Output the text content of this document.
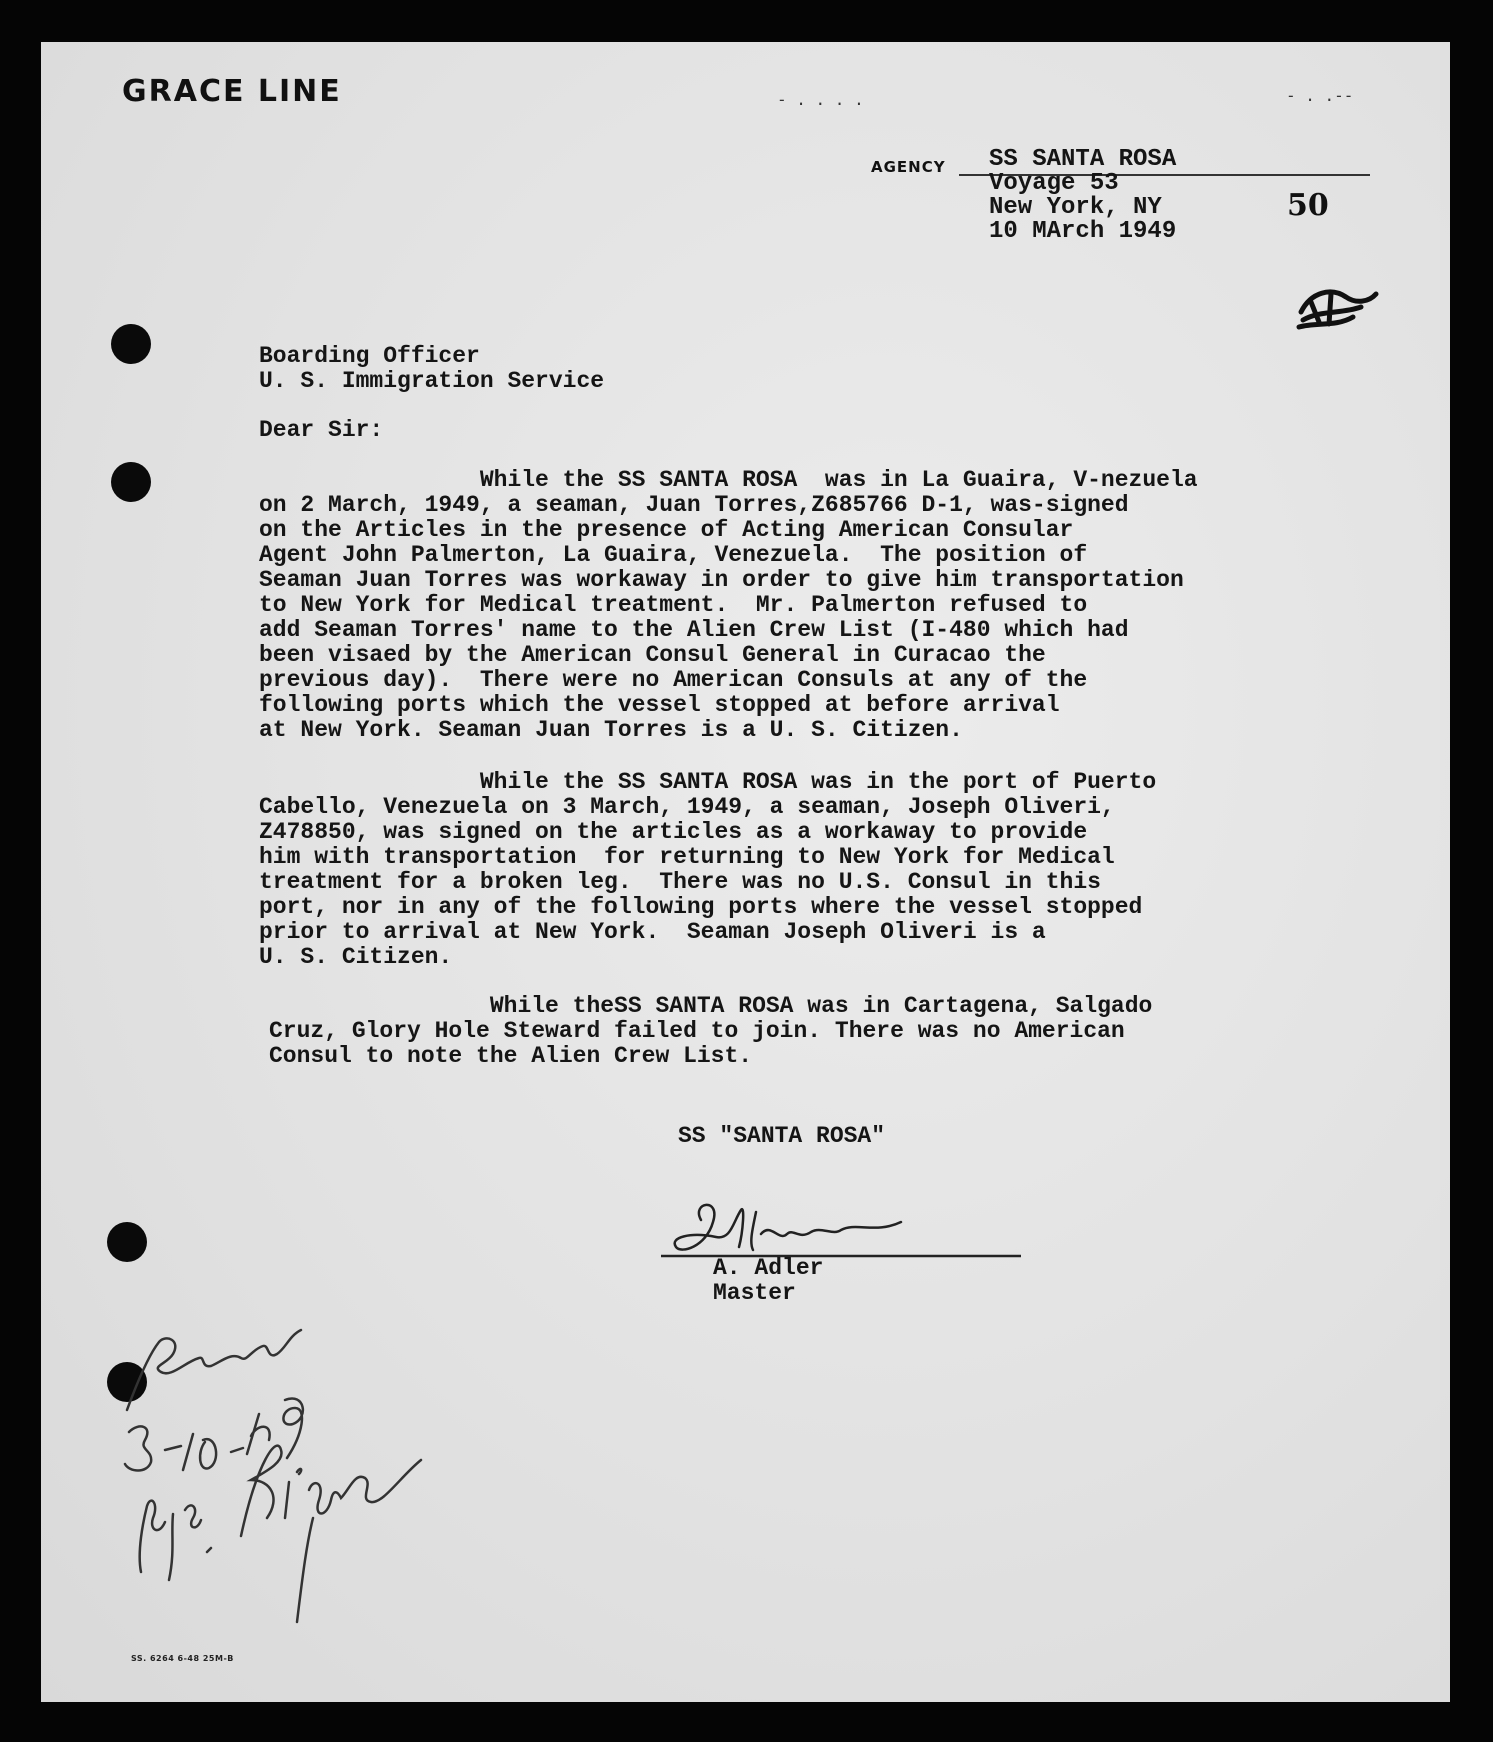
GRACE LINE	- . . . .	- . .--
AGENCY SS SANTA ROSA
Voyage 53
New York, NY
10 MArch 1949
50
Boarding Officer
U. S. Immigration Service
Dear Sir:
While the SS SANTA ROSA  was in La Guaira, V-nezuela
on 2 March, 1949, a seaman, Juan Torres,Z685766 D-1, was-signed
on the Articles in the presence of Acting American Consular
Agent John Palmerton, La Guaira, Venezuela.  The position of
Seaman Juan Torres was workaway in order to give him transportation
to New York for Medical treatment.  Mr. Palmerton refused to
add Seaman Torres' name to the Alien Crew List (I-480 which had
been visaed by the American Consul General in Curacao the
previous day).  There were no American Consuls at any of the
following ports which the vessel stopped at before arrival
at New York. Seaman Juan Torres is a U. S. Citizen.
While the SS SANTA ROSA was in the port of Puerto
Cabello, Venezuela on 3 March, 1949, a seaman, Joseph Oliveri,
Z478850, was signed on the articles as a workaway to provide
him with transportation  for returning to New York for Medical
treatment for a broken leg.  There was no U.S. Consul in this
port, nor in any of the following ports where the vessel stopped
prior to arrival at New York.  Seaman Joseph Oliveri is a
U. S. Citizen.
While theSS SANTA ROSA was in Cartagena, Salgado
Cruz, Glory Hole Steward failed to join. There was no American
Consul to note the Alien Crew List.
SS "SANTA ROSA"
A. Adler
Master
SS. 6264 6-48 25M-B
